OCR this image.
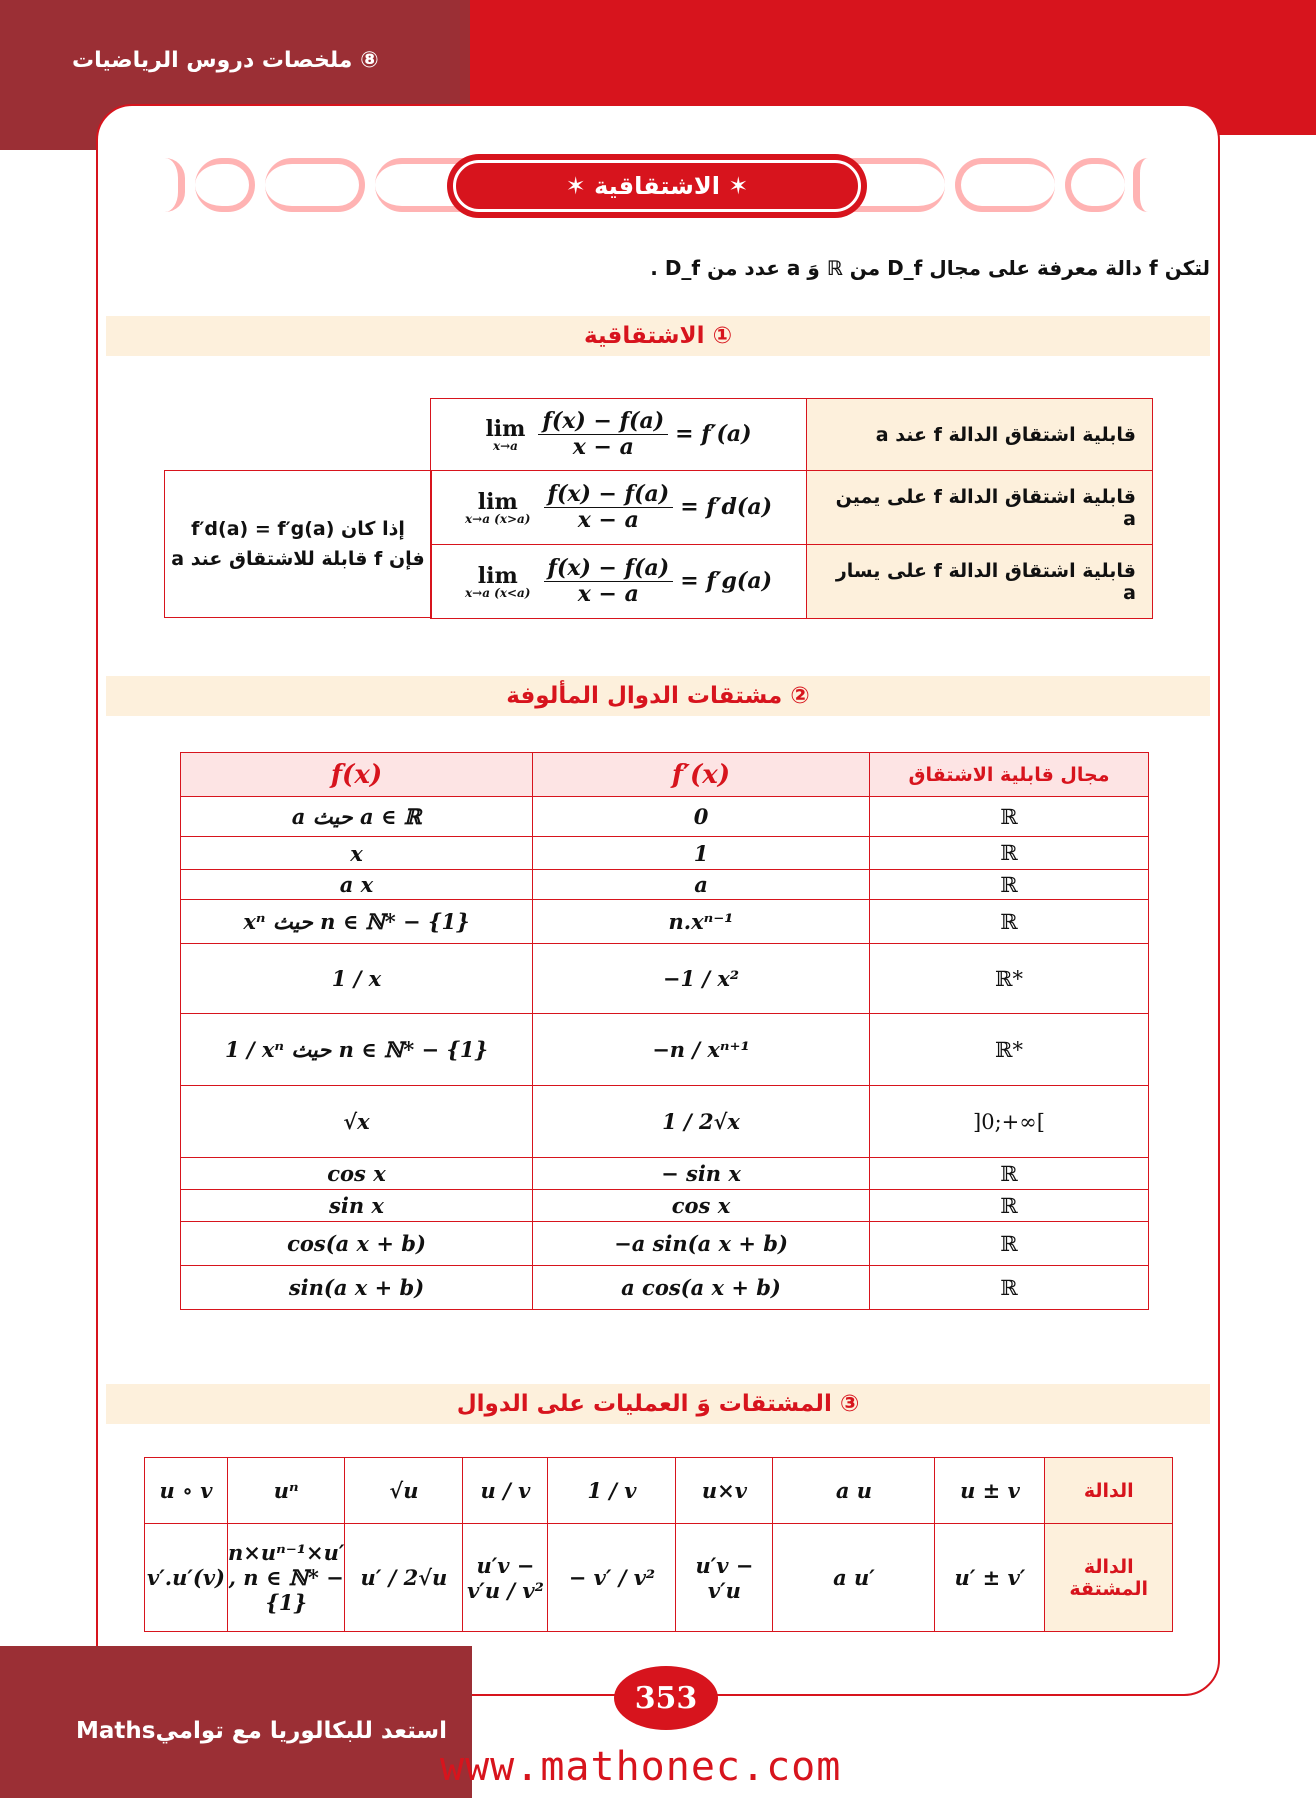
⑧ ملخصات دروس الرياضيات
✶ الاشتقاقية ✶
لتكن f دالة معرفة على مجال D_f من ℝ وَ a عدد من D_f .
① الاشتقاقية
lim
x→a
$\frac{f(x) - f(a)}{x - a} = f'(a)$	قابلية اشتقاق الدالة f عند a

lim
x→a (x>a)
$\frac{f(x) - f(a)}{x - a} = f'd(a)$	قابلية اشتقاق الدالة f على يمين a

lim
x→a (x<a)
$\frac{f(x) - f(a)}{x - a} = f'g(a)$	قابلية اشتقاق الدالة f على يسار a
إذا كان f′d(a) = f′g(a)
فإن f قابلة للاشتقاق عند a
② مشتقات الدوال المألوفة
f(x)	f′(x)	مجال قابلية الاشتقاق
a حيث a ∈ ℝ	0	ℝ
x	1	ℝ
a x	a	ℝ
xⁿ حيث n ∈ ℕ* − {1}	n.xⁿ⁻¹	ℝ
1 / x	−1 / x²	ℝ*
1 / xⁿ حيث n ∈ ℕ* − {1}	−n / xⁿ⁺¹	ℝ*
√x	1 / 2√x	]0;+∞[
cos x	− sin x	ℝ
sin x	cos x	ℝ
cos(a x + b)	−a sin(a x + b)	ℝ
sin(a x + b)	a cos(a x + b)	ℝ
③ المشتقات وَ العمليات على الدوال
u ∘ v	uⁿ	√u	u / v	1 / v	u×v	a u	u ± v	الدالة
v′.u′(v)	n×uⁿ⁻¹×u′ , n ∈ ℕ* − {1}	u′ / 2√u	u′v − v′u / v²	− v′ / v²	u′v − v′u	a u′	u′ ± v′	الدالة المشتقة
استعد للبكالوريا مع تواميMaths
353
www.mathonec.com
